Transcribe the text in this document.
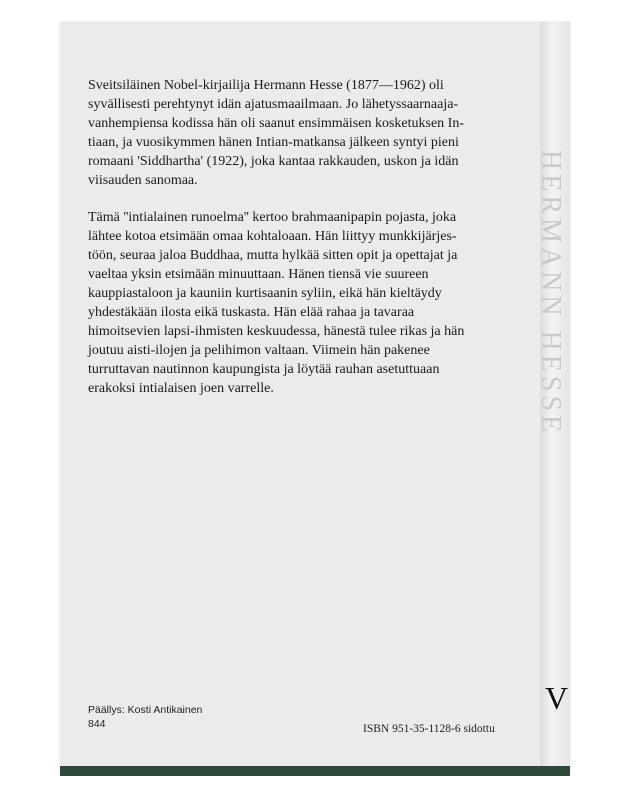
HERMANN HESSE
V

Sveitsiläinen Nobel-kirjailija Hermann Hesse (1877—1962) oli
syvällisesti perehtynyt idän ajatusmaailmaan. Jo lähetyssaarnaaja-
vanhempiensa kodissa hän oli saanut ensimmäisen kosketuksen In-
tiaan, ja vuosikymmen hänen Intian-matkansa jälkeen syntyi pieni
romaani 'Siddhartha' (1922), joka kantaa rakkauden, uskon ja idän
viisauden sanomaa.

Tämä ''intialainen runoelma'' kertoo brahmaanipapin pojasta, joka
lähtee kotoa etsimään omaa kohtaloaan. Hän liittyy munkkijärjes-
töön, seuraa jaloa Buddhaa, mutta hylkää sitten opit ja opettajat ja
vaeltaa yksin etsimään minuuttaan. Hänen tiensä vie suureen
kauppiastaloon ja kauniin kurtisaanin syliin, eikä hän kieltäydy
yhdestäkään ilosta eikä tuskasta. Hän elää rahaa ja tavaraa
himoitsevien lapsi-ihmisten keskuudessa, hänestä tulee rikas ja hän
joutuu aisti-ilojen ja pelihimon valtaan. Viimein hän pakenee
turruttavan nautinnon kaupungista ja löytää rauhan asetuttuaan
erakoksi intialaisen joen varrelle.

Päällys: Kosti Antikainen
844	ISBN 951-35-1128-6 sidottu
